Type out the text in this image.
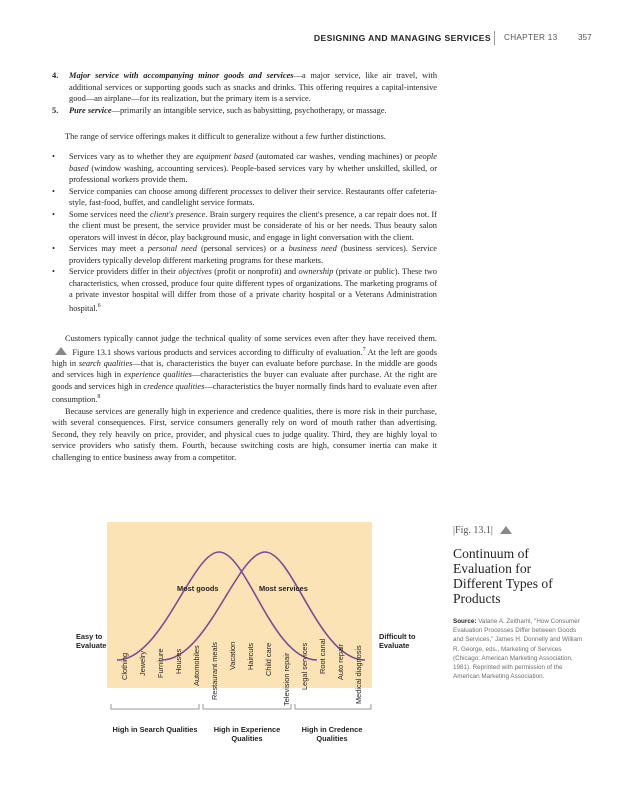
DESIGNING AND MANAGING SERVICES CHAPTER 13 357
4. Major service with accompanying minor goods and services—a major service, like air travel, with additional services or supporting goods such as snacks and drinks. This offering requires a capital-intensive good—an airplane—for its realization, but the primary item is a service.
5. Pure service—primarily an intangible service, such as babysitting, psychotherapy, or massage.
The range of service offerings makes it difficult to generalize without a few further distinctions.
• Services vary as to whether they are equipment based (automated car washes, vending machines) or people based (window washing, accounting services). People-based services vary by whether unskilled, skilled, or professional workers provide them.
• Service companies can choose among different processes to deliver their service. Restaurants offer cafeteria-style, fast-food, buffet, and candlelight service formats.
• Some services need the client's presence. Brain surgery requires the client's presence, a car repair does not. If the client must be present, the service provider must be considerate of his or her needs. Thus beauty salon operators will invest in décor, play background music, and engage in light conversation with the client.
• Services may meet a personal need (personal services) or a business need (business services). Service providers typically develop different marketing programs for these markets.
• Service providers differ in their objectives (profit or nonprofit) and ownership (private or public). These two characteristics, when crossed, produce four quite different types of organizations. The marketing programs of a private investor hospital will differ from those of a private charity hospital or a Veterans Administration hospital.$^6$

Customers typically cannot judge the technical quality of some services even after they have received them.  Figure 13.1 shows various products and services according to difficulty of evaluation.$^7$ At the left are goods high in search qualities—that is, characteristics the buyer can evaluate before purchase. In the middle are goods and services high in experience qualities—characteristics the buyer can evaluate after purchase. At the right are goods and services high in credence qualities—characteristics the buyer normally finds hard to evaluate even after consumption.$^8$

Because services are generally high in experience and credence qualities, there is more risk in their purchase, with several consequences. First, service consumers generally rely on word of mouth rather than advertising. Second, they rely heavily on price, provider, and physical cues to judge quality. Third, they are highly loyal to service providers who satisfy them. Fourth, because switching costs are high, consumer inertia can make it challenging to entice business away from a competitor.

Most goods	Most services
Clothing Jewelry Furniture Houses Automobiles Restaurant meals Vacation Haircuts Child care Television repair Legal services Root canal Auto repair Medical diagnosis
Easy to Evaluate
Difficult to Evaluate
High in Search Qualities	High in Experience Qualities
High in Credence Qualities
|Fig. 13.1|
Continuum of Evaluation for Different Types of Products
Source: Valarie A. Zeithaml, "How Consumer Evaluation Processes Differ between Goods and Services," James H. Donnelly and William R. George, eds., Marketing of Services (Chicago: American Marketing Association, 1981). Reprinted with permission of the American Marketing Association.
